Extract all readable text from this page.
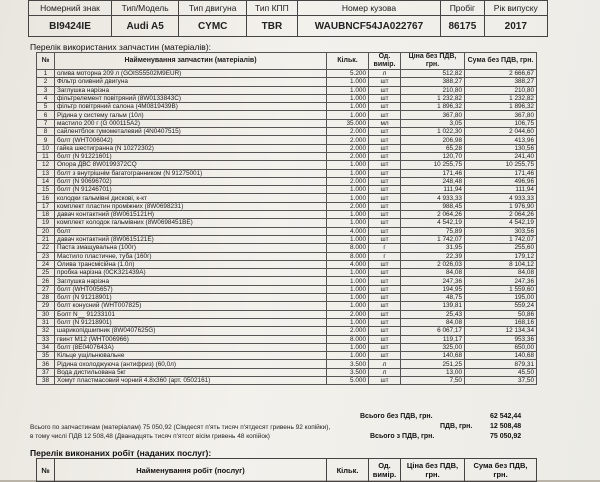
Номерний знак	Тип/Модель	Тип двигуна	Тип КПП	Номер кузова	Пробіг	Рік випуску
BI9424IE	Audi A5	CYMC	TBR	WAUBNCF54JA022767	86175	2017
Перелік використаних запчастин (матеріалів):
№	Найменування запчастин (матеріалів)	Кільк.	Од. вимір.	Ціна без ПДВ, грн.	Сума без ПДВ, грн.
1	олива моторна 209 л (GOIS55502M9EUR)	5.200	л	512,82	2 666,67
2	Фільтр оливний двигуна	1.000	шт	388,27	388,27
3	Заглушка нарізна	1.000	шт	210,80	210,80
4	фільтрелемент повітряний (8W0133843C)	1.000	шт	1 232,82	1 232,82
5	фільтр повітряний салона (4M0819439B)	1.000	шт	1 896,32	1 896,32
6	Рідина у систему гальм (10л)	1.000	шт	367,80	367,80
7	мастило 200 г (G 000115A2)	35.000	мл	3,05	106,75
8	сайлентблок гумометалевий (4N0407515)	2.000	шт	1 022,30	2 044,60
9	болт (WHT006042)	2.000	шт	206,98	413,96
10	гайка шестигранна (N 10272302)	2.000	шт	65,28	130,56
11	болт (N 91221601)	2.000	шт	120,70	241,40
12	Опора ДВС 8W0199372CQ	1.000	шт	10 255,75	10 255,75
13	болт з внутрішнім багатогранником (N 91275001)	1.000	шт	171,46	171,46
14	болт (N 90696702)	2.000	шт	248,48	496,96
15	болт (N 91246701)	1.000	шт	111,94	111,94
16	колодки гальмівні дискові, к-кт	1.000	шт	4 933,33	4 933,33
17	комплект пластин проміжних (8W0698231)	2.000	шт	988,45	1 976,90
18	давач контактний (8W0615121H)	1.000	шт	2 064,26	2 064,26
19	комплект колодок гальмівних (8W0698451BE)	1.000	шт	4 542,19	4 542,19
20	болт	4.000	шт	75,89	303,56
21	давач контактний (8W0615121E)	1.000	шт	1 742,07	1 742,07
22	Паста змащувальна (100г)	8.000	г	31,95	255,60
23	Мастило пластичне, туба (160г)	8.000	г	22,39	179,12
24	Олива трансмісійна (1.0л)	4.000	шт	2 026,03	8 104,12
25	пробка нарізна (0CK321439A)	1.000	шт	84,08	84,08
26	Заглушка нарізна	1.000	шт	247,36	247,36
27	болт (WHT005657)	1.000	шт	194,95	1 559,60
28	болт (N 91218901)	1.000	шт	48,75	195,00
29	болт конусний (WHT007825)	1.000	шт	139,81	559,24
30	Болт N__ 91233101	2.000	шт	25,43	50,86
31	болт (N 91218901)	1.000	шт	84,08	168,16
32	шарикопідшипник (8W0407625G)	2.000	шт	6 067,17	12 134,34
33	гвинт M12 (WHT006966)	8.000	шт	119,17	953,36
34	болт (8E0407643A)	1.000	шт	325,00	650,00
35	Кільце ущільнювальне	1.000	шт	140,68	140,68
36	Рідина охолоджуюча (антифриз) (60,0л)	3.500	л	251,25	879,31
37	Вода дистильована 5кг	3.500	л	13,00	45,50
38	Хомут пластмасовий чорний 4.8x360 (арт. 0502161)	5.000	шт	7,50	37,50
Всього без ПДВ, грн.	62 542,44
ПДВ, грн.	12 508,48
Всього з ПДВ, грн.	75 050,92
Всього по запчастинам (матеріалам) 75 050,92 (Сімдесят п'ять тисяч п'ятдесят гривень 92 копійки),
в тому числі ПДВ 12 508,48 (Дванадцять тисяч п'ятсот вісім гривень 48 копійок)
Перелік виконаних робіт (наданих послуг):
№	Найменування робіт (послуг)	Кільк.	Од. вимір.	Ціна без ПДВ, грн.	Сума без ПДВ, грн.
